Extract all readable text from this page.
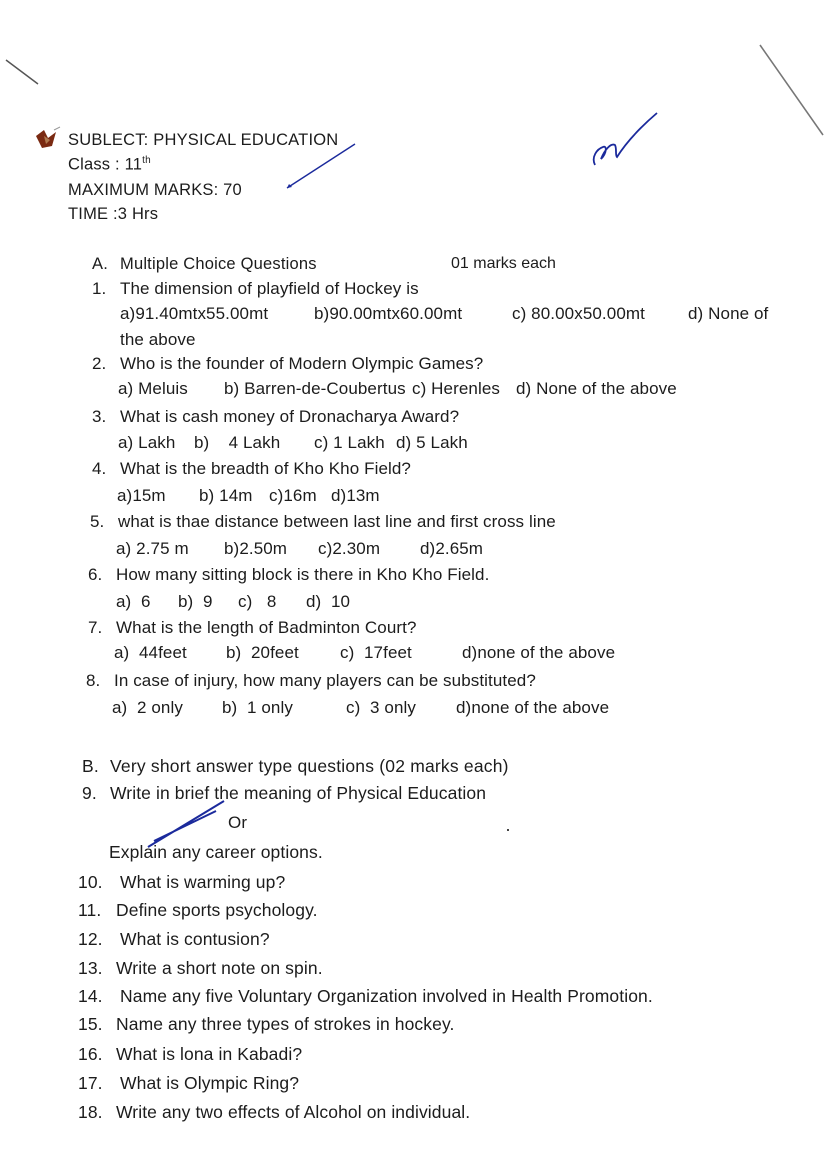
SUBLECT: PHYSICAL EDUCATION
Class : 11th
MAXIMUM MARKS: 70
TIME :3 Hrs
A. Multiple Choice Questions	01 marks each
1. The dimension of playfield of Hockey is
a)91.40mtx55.00mt	b)90.00mtx60.00mt	c) 80.00x50.00mt	d) None of
the above
2. Who is the founder of Modern Olympic Games?
a) Meluis b) Barren-de-Coubertus c) Herenles d) None of the above
3. What is cash money of Dronacharya Award?
a) Lakh b)    4 Lakh c) 1 Lakh d) 5 Lakh
4. What is the breadth of Kho Kho Field?
a)15m b) 14m c)16m d)13m
5. what is thae distance between last line and first cross line
a) 2.75 m b)2.50m c)2.30m d)2.65m
6. How many sitting block is there in Kho Kho Field.
a)  6 b)  9 c)   8 d)  10
7. What is the length of Badminton Court?
a)  44feet b)  20feet c)  17feet	d)none of the above
8. In case of injury, how many players can be substituted?
a)  2 only b)  1 only	c)  3 only d)none of the above
B. Very short answer type questions (02 marks each)
9. Write in brief the meaning of Physical Education
Or
Explain any career options.
10. What is warming up?
11. Define sports psychology.
12. What is contusion?
13. Write a short note on spin.
14. Name any five Voluntary Organization involved in Health Promotion.
15. Name any three types of strokes in hockey.
16. What is lona in Kabadi?
17. What is Olympic Ring?
18. Write any two effects of Alcohol on individual.
